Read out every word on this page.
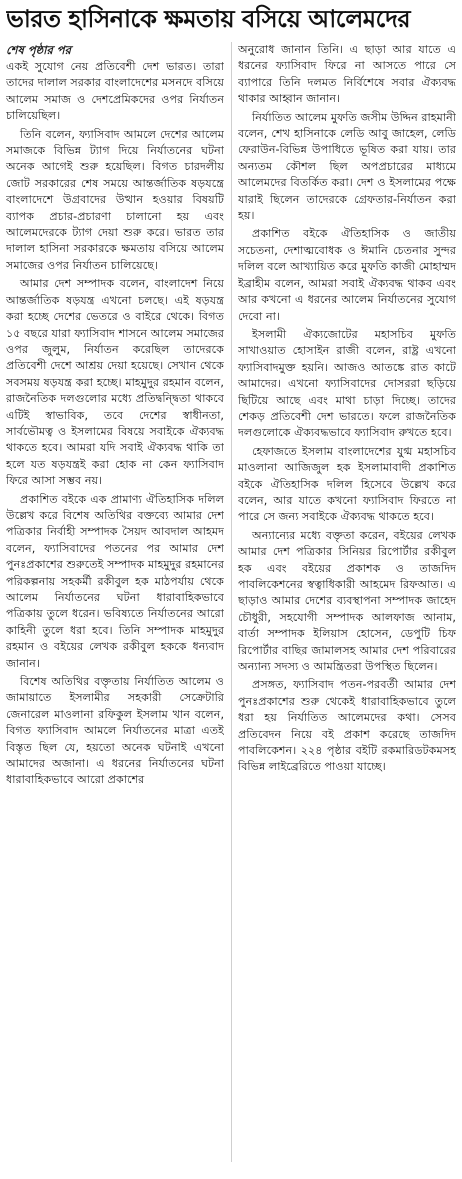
ভারত হাসিনাকে ক্ষমতায় বসিয়ে আলেমদের
শেষ পৃষ্ঠার পর

একই সুযোগ নেয় প্রতিবেশী দেশ ভারত। তারা তাদের দালাল সরকার বাংলাদেশের মসনদে বসিয়ে আলেম সমাজ ও দেশপ্রেমিকদের ওপর নির্যাতন চালিয়েছিল।

তিনি বলেন, ফ্যাসিবাদ আমলে দেশের আলেম সমাজকে বিভিন্ন ট্যাগ দিয়ে নির্যাতনের ঘটনা অনেক আগেই শুরু হয়েছিল। বিগত চারদলীয় জোট সরকারের শেষ সময়ে আন্তর্জাতিক ষড়যন্ত্রে বাংলাদেশে উগ্রবাদের উত্থান হওয়ার বিষয়টি ব্যাপক প্রচার-প্রচারণা চালানো হয় এবং আলেমদেরকে ট্যাগ দেয়া শুরু করে। ভারত তার দালাল হাসিনা সরকারকে ক্ষমতায় বসিয়ে আলেম সমাজের ওপর নির্যাতন চালিয়েছে।

আমার দেশ সম্পাদক বলেন, বাংলাদেশ নিয়ে আন্তর্জাতিক ষড়যন্ত্র এখনো চলছে। এই ষড়যন্ত্র করা হচ্ছে দেশের ভেতরে ও বাইরে থেকে। বিগত ১৫ বছরে যারা ফ্যাসিবাদ শাসনে আলেম সমাজের ওপর জুলুম, নির্যাতন করেছিল তাদেরকে প্রতিবেশী দেশে আশ্রয় দেয়া হয়েছে। সেখান থেকে সবসময় ষড়যন্ত্র করা হচ্ছে। মাহমুদুর রহমান বলেন, রাজনৈতিক দলগুলোর মধ্যে প্রতিদ্বন্দ্বিতা থাকবে এটিই স্বাভাবিক, তবে দেশের স্বাধীনতা, সার্বভৌমত্ব ও ইসলামের বিষয়ে সবাইকে ঐক্যবদ্ধ থাকতে হবে। আমরা যদি সবাই ঐক্যবদ্ধ থাকি তা হলে যত ষড়যন্ত্রই করা হোক না কেন ফ্যাসিবাদ ফিরে আসা সম্ভব নয়।

প্রকাশিত বইকে এক প্রামাণ্য ঐতিহাসিক দলিল উল্লেখ করে বিশেষ অতিথির বক্তব্যে আমার দেশ পত্রিকার নির্বাহী সম্পাদক সৈয়দ আবদাল আহমদ বলেন, ফ্যাসিবাদের পতনের পর আমার দেশ পুনঃপ্রকাশের শুরুতেই সম্পাদক মাহমুদুর রহমানের পরিকল্পনায় সহকর্মী রকীবুল হক মাঠপর্যায় থেকে আলেম নির্যাতনের ঘটনা ধারাবাহিকভাবে পত্রিকায় তুলে ধরেন। ভবিষ্যতে নির্যাতনের আরো কাহিনী তুলে ধরা হবে। তিনি সম্পাদক মাহমুদুর রহমান ও বইয়ের লেখক রকীবুল হককে ধন্যবাদ জানান।

বিশেষ অতিথির বক্তৃতায় নির্যাতিত আলেম ও জামায়াতে ইসলামীর সহকারী সেক্রেটারি জেনারেল মাওলানা রফিকুল ইসলাম খান বলেন, বিগত ফ্যাসিবাদ আমলে নির্যাতনের মাত্রা এতই বিস্তৃত ছিল যে, হয়তো অনেক ঘটনাই এখনো আমাদের অজানা। এ ধরনের নির্যাতনের ঘটনা ধারাবাহিকভাবে আরো প্রকাশের

অনুরোধ জানান তিনি। এ ছাড়া আর যাতে এ ধরনের ফ্যাসিবাদ ফিরে না আসতে পারে সে ব্যাপারে তিনি দলমত নির্বিশেষে সবার ঐক্যবদ্ধ থাকার আহ্বান জানান।

নির্যাতিত আলেম মুফতি জসীম উদ্দিন রাহমানী বলেন, শেখ হাসিনাকে লেডি আবু জাহেল, লেডি ফেরাউন-বিভিন্ন উপাধিতে ভূষিত করা যায়। তার অন্যতম কৌশল ছিল অপপ্রচারের মাধ্যমে আলেমদের বিতর্কিত করা। দেশ ও ইসলামের পক্ষে যারাই ছিলেন তাদেরকে গ্রেফতার-নির্যাতন করা হয়।

প্রকাশিত বইকে ঐতিহাসিক ও জাতীয় সচেতনা, দেশাত্মবোধক ও ঈমানি চেতনার সুন্দর দলিল বলে আখ্যায়িত করে মুফতি কাজী মোহাম্মদ ইব্রাহীম বলেন, আমরা সবাই ঐক্যবদ্ধ থাকব এবং আর কখনো এ ধরনের আলেম নির্যাতনের সুযোগ দেবো না।

ইসলামী ঐক্যজোটের মহাসচিব মুফতি সাখাওয়াত হোসাইন রাজী বলেন, রাষ্ট্র এখনো ফ্যাসিবাদমুক্ত হয়নি। আজও আতঙ্কে রাত কাটে আমাদের। এখনো ফ্যাসিবাদের দোসররা ছড়িয়ে ছিটিয়ে আছে এবং মাথা চাড়া দিচ্ছে। তাদের শেকড় প্রতিবেশী দেশ ভারতে। ফলে রাজনৈতিক দলগুলোকে ঐক্যবদ্ধভাবে ফ্যাসিবাদ রুখতে হবে।

হেফাজতে ইসলাম বাংলাদেশের যুগ্ম মহাসচিব মাওলানা আজিজুল হক ইসলামাবাদী প্রকাশিত বইকে ঐতিহাসিক দলিল হিসেবে উল্লেখ করে বলেন, আর যাতে কখনো ফ্যাসিবাদ ফিরতে না পারে সে জন্য সবাইকে ঐক্যবদ্ধ থাকতে হবে।

অন্যান্যের মধ্যে বক্তৃতা করেন, বইয়ের লেখক আমার দেশ পত্রিকার সিনিয়র রিপোর্টার রকীবুল হক এবং বইয়ের প্রকাশক ও তাজদিদ পাবলিকেশনের স্বত্বাধিকারী আহমেদ রিফআত। এ ছাড়াও আমার দেশের ব্যবস্থাপনা সম্পাদক জাহেদ চৌধুরী, সহযোগী সম্পাদক আলফাজ আনাম, বার্তা সম্পাদক ইলিয়াস হোসেন, ডেপুটি চিফ রিপোর্টার বাছির জামালসহ আমার দেশ পরিবারের অন্যান্য সদস্য ও আমন্ত্রিতরা উপস্থিত ছিলেন।

প্রসঙ্গত, ফ্যাসিবাদ পতন-পরবর্তী আমার দেশ পুনঃপ্রকাশের শুরু থেকেই ধারাবাহিকভাবে তুলে ধরা হয় নির্যাতিত আলেমদের কথা। সেসব প্রতিবেদন নিয়ে বই প্রকাশ করেছে তাজদিদ পাবলিকেশন। ২২৪ পৃষ্ঠার বইটি রকমারিডটকমসহ বিভিন্ন লাইব্রেরিতে পাওয়া যাচ্ছে।
